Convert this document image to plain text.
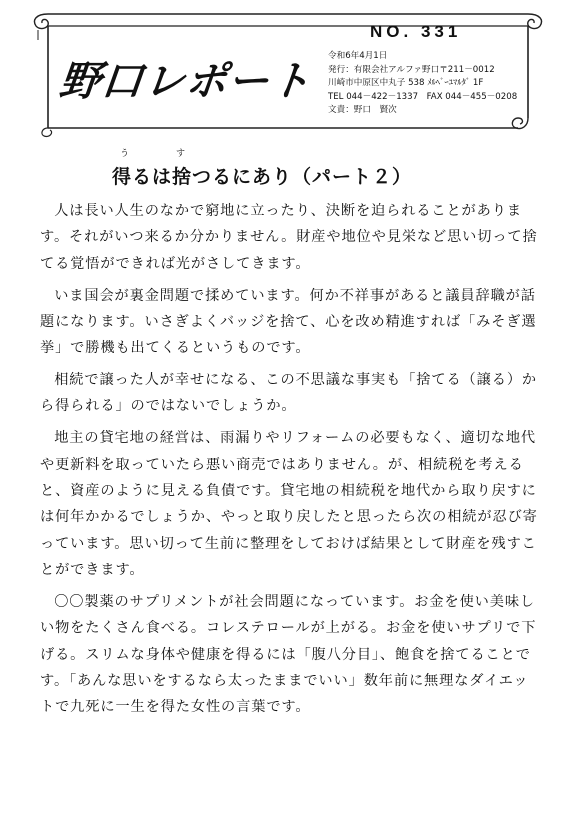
NO. 331
野口レポート
令和6年4月1日
発行：有限会社アルファ野口〒211－0012
川崎市中原区中丸子 538 ﾒﾙﾍﾞｰﾕﾏﾙﾀﾞ 1F
TEL 044－422－1337　FAX 044－455－0208
文責：野口　賢次
う	す
得るは捨つるにあり（パート２）

人は長い人生のなかで窮地に立ったり、決断を迫られることがあります。それがいつ来るか分かりません。財産や地位や見栄など思い切って捨てる覚悟ができれば光がさしてきます。

いま国会が裏金問題で揉めています。何か不祥事があると議員辞職が話題になります。いさぎよくバッジを捨て、心を改め精進すれば「みそぎ選挙」で勝機も出てくるというものです。

相続で譲った人が幸せになる、この不思議な事実も「捨てる（譲る）から得られる」のではないでしょうか。

地主の貸宅地の経営は、雨漏りやリフォームの必要もなく、適切な地代や更新料を取っていたら悪い商売ではありません。が、相続税を考えると、資産のように見える負債です。貸宅地の相続税を地代から取り戻すには何年かかるでしょうか、やっと取り戻したと思ったら次の相続が忍び寄っています。思い切って生前に整理をしておけば結果として財産を残すことができます。

〇〇製薬のサプリメントが社会問題になっています。お金を使い美味しい物をたくさん食べる。コレステロールが上がる。お金を使いサプリで下げる。スリムな身体や健康を得るには「腹八分目」、飽食を捨てることです。「あんな思いをするなら太ったままでいい」数年前に無理なダイエットで九死に一生を得た女性の言葉です。
